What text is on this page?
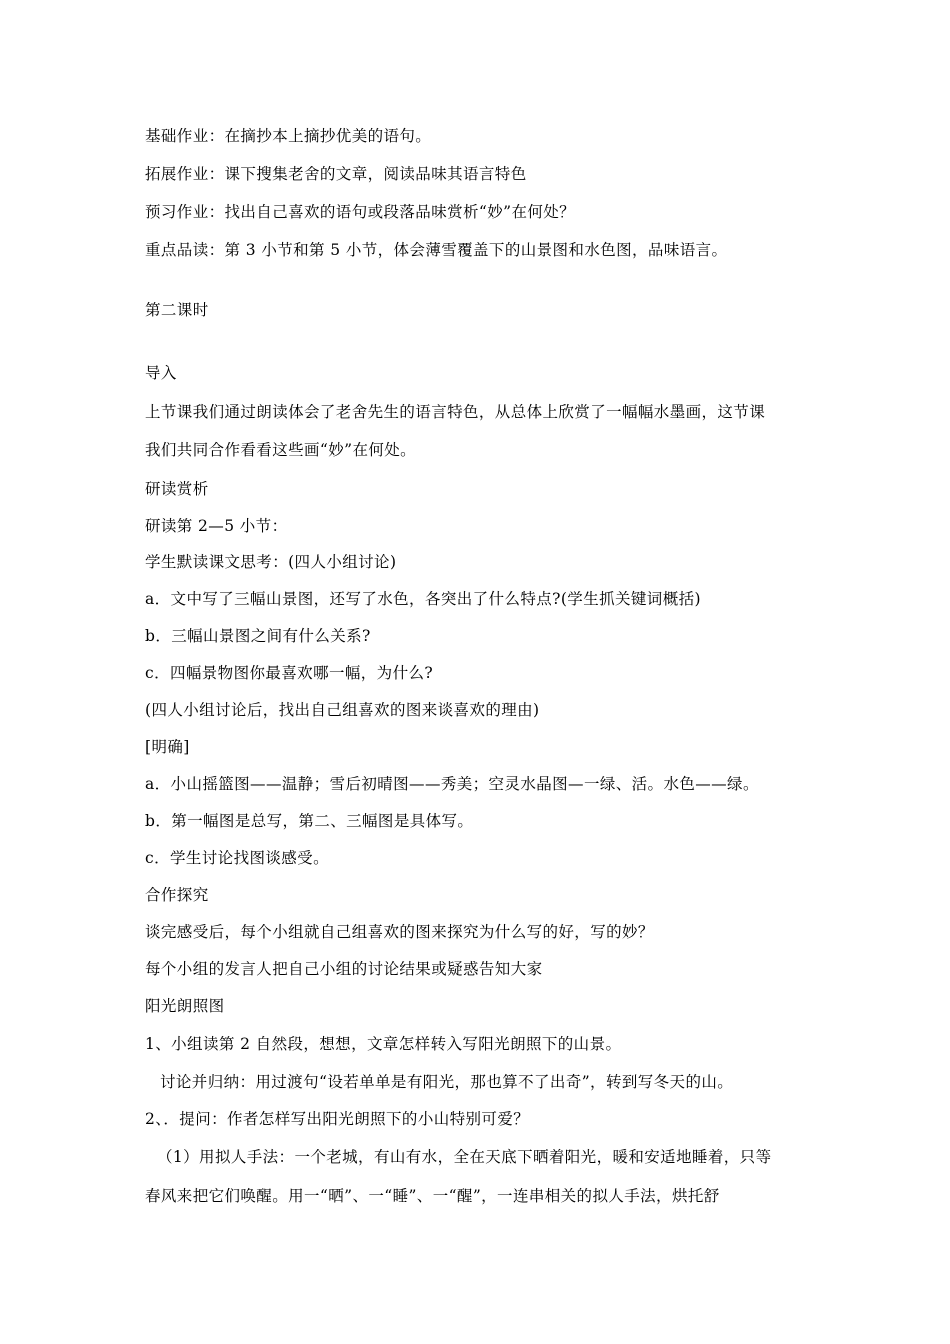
基础作业：在摘抄本上摘抄优美的语句。
拓展作业：课下搜集老舍的文章，阅读品味其语言特色
预习作业：找出自己喜欢的语句或段落品味赏析“妙”在何处？
重点品读：第 3 小节和第 5 小节，体会薄雪覆盖下的山景图和水色图，品味语言。
第二课时
导入
上节课我们通过朗读体会了老舍先生的语言特色，从总体上欣赏了一幅幅水墨画，这节课
我们共同合作看看这些画“妙”在何处。
研读赏析
研读第 2—5 小节：
学生默读课文思考：(四人小组讨论)
a．文中写了三幅山景图，还写了水色，各突出了什么特点?(学生抓关键词概括)
b．三幅山景图之间有什么关系?
c．四幅景物图你最喜欢哪一幅，为什么?
(四人小组讨论后，找出自己组喜欢的图来谈喜欢的理由)
[明确]
a．小山摇篮图——温静；雪后初晴图——秀美；空灵水晶图—一绿、活。水色——绿。
b．第一幅图是总写，第二、三幅图是具体写。
c．学生讨论找图谈感受。
合作探究
谈完感受后，每个小组就自己组喜欢的图来探究为什么写的好，写的妙？
每个小组的发言人把自己小组的讨论结果或疑惑告知大家
阳光朗照图
1、小组读第 2 自然段，想想，文章怎样转入写阳光朗照下的山景。
讨论并归纳：用过渡句“设若单单是有阳光，那也算不了出奇”，转到写冬天的山。
2、．提问：作者怎样写出阳光朗照下的小山特别可爱？
（1）用拟人手法：一个老城，有山有水，全在天底下晒着阳光，暖和安适地睡着，只等
春风来把它们唤醒。用一“晒”、一“睡”、一“醒”，一连串相关的拟人手法，烘托舒
